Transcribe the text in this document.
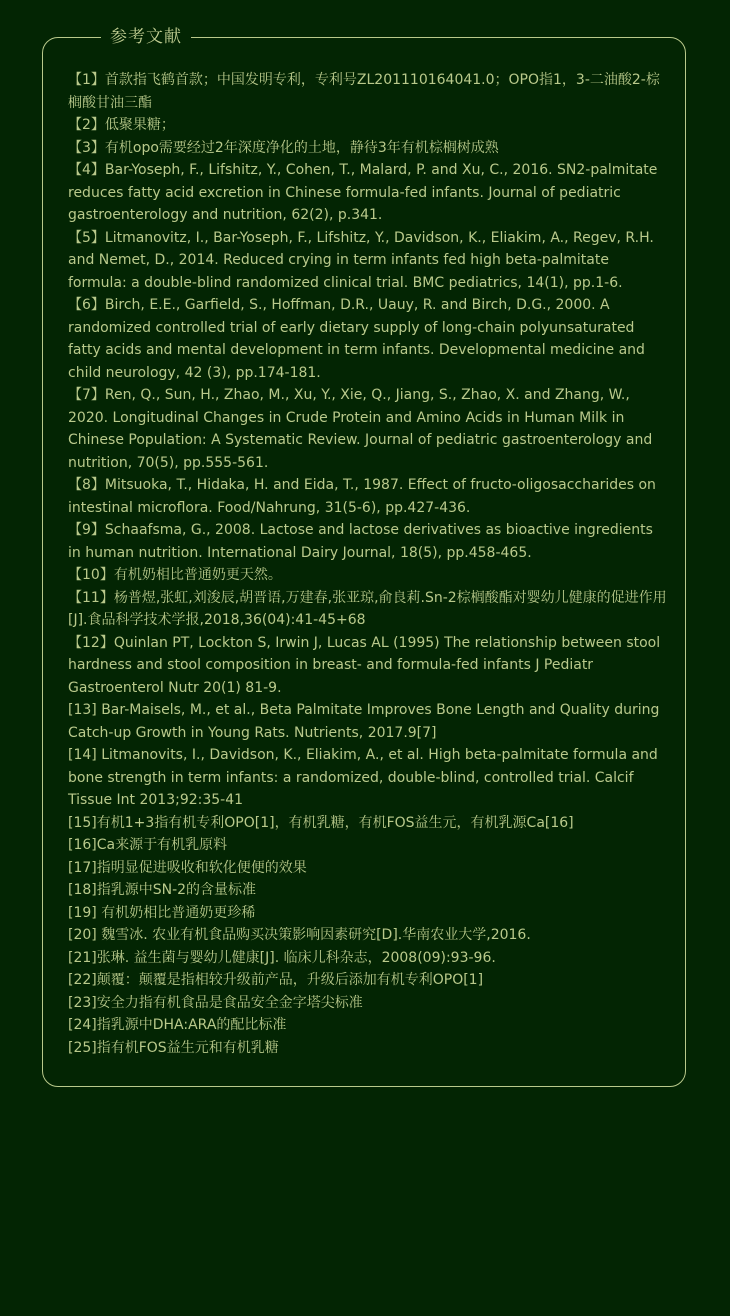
参考文献
【1】首款指飞鹤首款；中国发明专利，专利号ZL201110164041.0；OPO指1，3-二油酸2-棕榈酸甘油三酯
【2】低聚果糖；
【3】有机opo需要经过2年深度净化的土地，静待3年有机棕榈树成熟
【4】Bar-Yoseph, F., Lifshitz, Y., Cohen, T., Malard, P. and Xu, C., 2016. SN2-palmitate reduces fatty acid excretion in Chinese formula-fed infants. Journal of pediatric gastroenterology and nutrition, 62(2), p.341.
【5】Litmanovitz, I., Bar-Yoseph, F., Lifshitz, Y., Davidson, K., Eliakim, A., Regev, R.H. and Nemet, D., 2014. Reduced crying in term infants fed high beta-palmitate formula: a double-blind randomized clinical trial. BMC pediatrics, 14(1), pp.1-6.
【6】Birch, E.E., Garfield, S., Hoffman, D.R., Uauy, R. and Birch, D.G., 2000. A randomized controlled trial of early dietary supply of long-chain polyunsaturated fatty acids and mental development in term infants. Developmental medicine and child neurology, 42 (3), pp.174-181.
【7】Ren, Q., Sun, H., Zhao, M., Xu, Y., Xie, Q., Jiang, S., Zhao, X. and Zhang, W., 2020. Longitudinal Changes in Crude Protein and Amino Acids in Human Milk in Chinese Population: A Systematic Review. Journal of pediatric gastroenterology and nutrition, 70(5), pp.555-561.
【8】Mitsuoka, T., Hidaka, H. and Eida, T., 1987. Effect of fructo‐oligosaccharides on intestinal microflora. Food/Nahrung, 31(5‐6), pp.427-436.
【9】Schaafsma, G., 2008. Lactose and lactose derivatives as bioactive ingredients in human nutrition. International Dairy Journal, 18(5), pp.458-465.
【10】有机奶相比普通奶更天然。
【11】杨普煜,张虹,刘浚辰,胡晋语,万建春,张亚琼,俞良莉.Sn-2棕榈酸酯对婴幼儿健康的促进作用[J].食品科学技术学报,2018,36(04):41-45+68
【12】Quinlan PT, Lockton S, Irwin J, Lucas AL (1995) The relationship between stool hardness and stool composition in breast- and formula-fed infants J Pediatr Gastroenterol Nutr 20(1) 81-9.
[13] Bar-Maisels, M., et al., Beta Palmitate Improves Bone Length and Quality during Catch-up Growth in Young Rats. Nutrients, 2017.9[7]
[14] Litmanovits, I., Davidson, K., Eliakim, A., et al. High beta-palmitate formula and bone strength in term infants: a randomized, double-blind, controlled trial. Calcif Tissue Int 2013;92:35-41
[15]有机1+3指有机专利OPO[1]，有机乳糖，有机FOS益生元，有机乳源Ca[16]
[16]Ca来源于有机乳原料
[17]指明显促进吸收和软化便便的效果
[18]指乳源中SN-2的含量标准
[19] 有机奶相比普通奶更珍稀
[20] 魏雪冰. 农业有机食品购买决策影响因素研究[D].华南农业大学,2016.
[21]张琳. 益生菌与婴幼儿健康[J]. 临床儿科杂志，2008(09):93-96.
[22]颠覆：颠覆是指相较升级前产品，升级后添加有机专利OPO[1]
[23]安全力指有机食品是食品安全金字塔尖标准
[24]指乳源中DHA:ARA的配比标准
[25]指有机FOS益生元和有机乳糖
